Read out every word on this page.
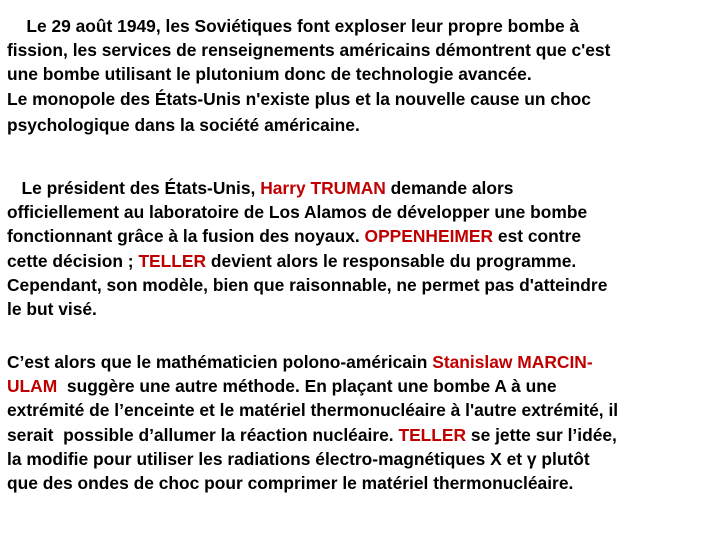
Le 29 août 1949, les Soviétiques font exploser leur propre bombe à
fission, les services de renseignements américains démontrent que c'est
une bombe utilisant le plutonium donc de technologie avancée.
Le monopole des États-Unis n'existe plus et la nouvelle cause un choc
psychologique dans la société américaine.

Le président des États-Unis, Harry TRUMAN demande alors
officiellement au laboratoire de Los Alamos de développer une bombe
fonctionnant grâce à la fusion des noyaux. OPPENHEIMER est contre
cette décision ; TELLER devient alors le responsable du programme.
Cependant, son modèle, bien que raisonnable, ne permet pas d'atteindre
le but visé.

C’est alors que le mathématicien polono-américain Stanislaw MARCIN-
ULAM  suggère une autre méthode. En plaçant une bombe A à une
extrémité de l’enceinte et le matériel thermonucléaire à l'autre extrémité, il
serait  possible d’allumer la réaction nucléaire. TELLER se jette sur l’idée,
la modifie pour utiliser les radiations électro-magnétiques X et γ plutôt
que des ondes de choc pour comprimer le matériel thermonucléaire.
